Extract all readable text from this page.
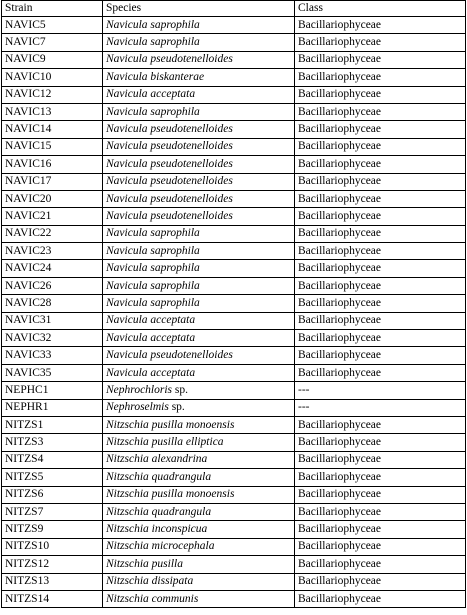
Strain	Species	Class
NAVIC5	Navicula saprophila	Bacillariophyceae
NAVIC7	Navicula saprophila	Bacillariophyceae
NAVIC9	Navicula pseudotenelloides	Bacillariophyceae
NAVIC10	Navicula biskanterae	Bacillariophyceae
NAVIC12	Navicula acceptata	Bacillariophyceae
NAVIC13	Navicula saprophila	Bacillariophyceae
NAVIC14	Navicula pseudotenelloides	Bacillariophyceae
NAVIC15	Navicula pseudotenelloides	Bacillariophyceae
NAVIC16	Navicula pseudotenelloides	Bacillariophyceae
NAVIC17	Navicula pseudotenelloides	Bacillariophyceae
NAVIC20	Navicula pseudotenelloides	Bacillariophyceae
NAVIC21	Navicula pseudotenelloides	Bacillariophyceae
NAVIC22	Navicula saprophila	Bacillariophyceae
NAVIC23	Navicula saprophila	Bacillariophyceae
NAVIC24	Navicula saprophila	Bacillariophyceae
NAVIC26	Navicula saprophila	Bacillariophyceae
NAVIC28	Navicula saprophila	Bacillariophyceae
NAVIC31	Navicula acceptata	Bacillariophyceae
NAVIC32	Navicula acceptata	Bacillariophyceae
NAVIC33	Navicula pseudotenelloides	Bacillariophyceae
NAVIC35	Navicula acceptata	Bacillariophyceae
NEPHC1	Nephrochloris sp.	---
NEPHR1	Nephroselmis sp.	---
NITZS1	Nitzschia pusilla monoensis	Bacillariophyceae
NITZS3	Nitzschia pusilla elliptica	Bacillariophyceae
NITZS4	Nitzschia alexandrina	Bacillariophyceae
NITZS5	Nitzschia quadrangula	Bacillariophyceae
NITZS6	Nitzschia pusilla monoensis	Bacillariophyceae
NITZS7	Nitzschia quadrangula	Bacillariophyceae
NITZS9	Nitzschia inconspicua	Bacillariophyceae
NITZS10	Nitzschia microcephala	Bacillariophyceae
NITZS12	Nitzschia pusilla	Bacillariophyceae
NITZS13	Nitzschia dissipata	Bacillariophyceae
NITZS14	Nitzschia communis	Bacillariophyceae
